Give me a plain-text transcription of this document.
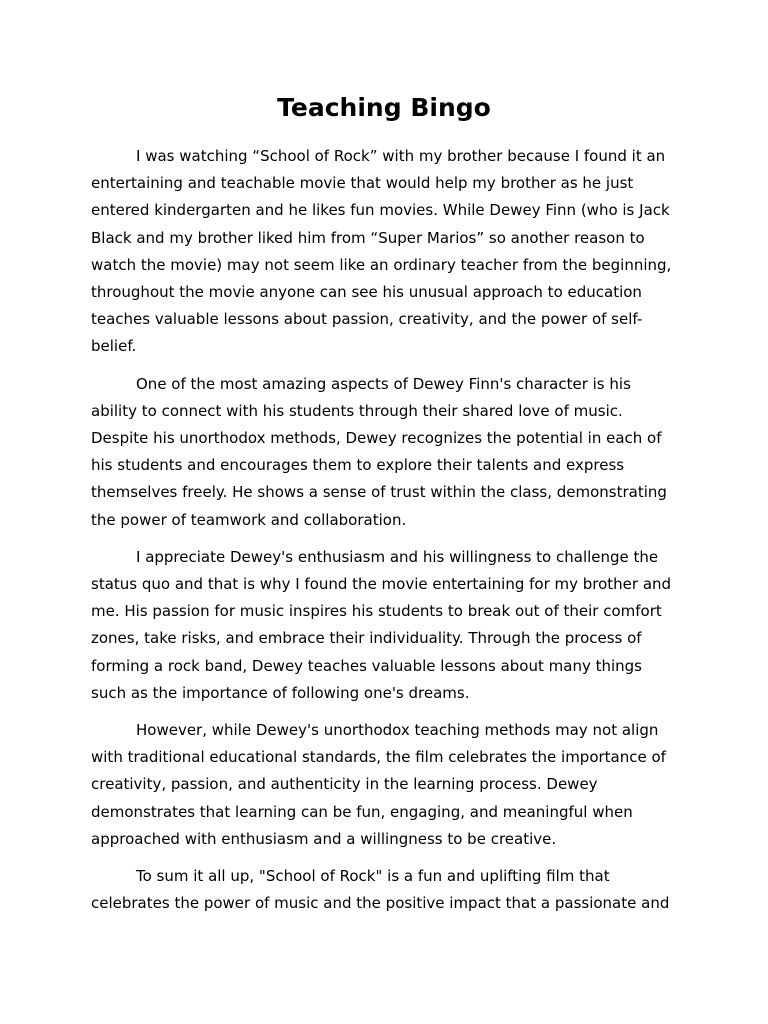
Teaching Bingo

I was watching “School of Rock” with my brother because I found it an entertaining and teachable movie that would help my brother as he just entered kindergarten and he likes fun movies. While Dewey Finn (who is Jack Black and my brother liked him from “Super Marios” so another reason to watch the movie) may not seem like an ordinary teacher from the beginning, throughout the movie anyone can see his unusual approach to education teaches valuable lessons about passion, creativity, and the power of self-belief.

One of the most amazing aspects of Dewey Finn's character is his ability to connect with his students through their shared love of music. Despite his unorthodox methods, Dewey recognizes the potential in each of his students and encourages them to explore their talents and express themselves freely. He shows a sense of trust within the class, demonstrating the power of teamwork and collaboration.

I appreciate Dewey's enthusiasm and his willingness to challenge the status quo and that is why I found the movie entertaining for my brother and me. His passion for music inspires his students to break out of their comfort zones, take risks, and embrace their individuality. Through the process of forming a rock band, Dewey teaches valuable lessons about many things such as the importance of following one's dreams.

However, while Dewey's unorthodox teaching methods may not align with traditional educational standards, the film celebrates the importance of creativity, passion, and authenticity in the learning process. Dewey demonstrates that learning can be fun, engaging, and meaningful when approached with enthusiasm and a willingness to be creative.

To sum it all up, "School of Rock" is a fun and uplifting film that celebrates the power of music and the positive impact that a passionate and
